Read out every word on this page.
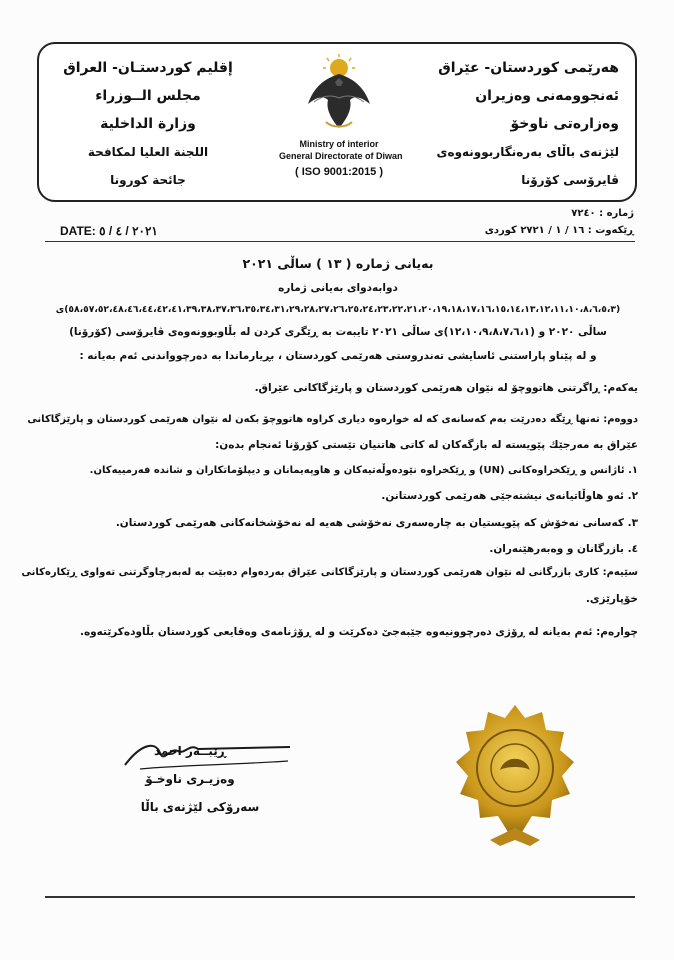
هەرێمی کوردستان- عێراق
ئەنجوومەنی وەزیران
وەزارەتی ناوخۆ
لێژنەی باڵای بەرەنگاربوونەوەی
ڤایرۆسی کۆرۆنا
Ministry of interior
General Directorate of Diwan
( ISO 9001:2015 )
إقليم كوردستـان- العراق
مجلس الــوزراء
وزارة الداخلية
اللجنة العليا لمكافحة
جائحة كورونا
ژمارە : ٧٢٤٠
ڕێکەوت : ١٦ / ١ / ٢٧٢١ کوردی
DATE: ٢٠٢١ / ٤ / ٥
بەیانی ژمارە ( ١٣ ) ساڵی ٢٠٢١
دوابەدوای بەیانی ژمارە
(٥٨،٥٧،٥٢،٤٨،٤٦،٤٤،٤٢،٤١،٣٩،٣٨،٣٧،٣٦،٣٥،٣٤،٣١،٢٩،٢٨،٢٧،٢٦،٢٥،٢٤،٢٣،٢٢،٢١،٢٠،١٩،١٨،١٧،١٦،١٥،١٤،١٣،١٢،١١،١٠،٨،٦،٥،٣)ی
ساڵی ٢٠٢٠ و (١٢،١٠،٩،٨،٧،٦،١)ی ساڵی ٢٠٢١ تایبەت بە ڕێگری کردن لە بڵاوبوونەوەی ڤایرۆسی (کۆرۆنا)
و لە پێناو پاراستنی ئاسایشی تەندروستی هەرێمی کوردستان ، بڕیارماندا بە دەرچوواندنی ئەم بەیانە :
یەکەم: ڕاگرتنی هاتووچۆ لە نێوان هەرێمی کوردستان و پارێزگاکانی عێراق.
دووەم: تەنها ڕێگە دەدرێت بەم کەسانەی کە لە خوارەوە دیاری کراوە هاتووچۆ بکەن لە نێوان هەرێمی کوردستان و پارێزگاکانی
عێراق بە مەرجێك پێویستە لە بازگەکان لە کاتی هاتنیان تێستی کۆرۆنا ئەنجام بدەن:
١. ئاژانس و ڕێکخراوەکانی (UN) و ڕێکخراوە نێودەوڵەتیەکان و هاوپەیمانان و دیپلۆماتکاران و شاندە فەرمییەکان.
٢. ئەو هاوڵاتیانەی نیشتەجێی هەرێمی کوردستانن.
٣. کەسانی نەخۆش کە پێویستیان بە چارەسەری نەخۆشی هەیە لە نەخۆشخانەکانی هەرێمی کوردستان.
٤. بازرگانان و وەبەرهێنەران.
سێیەم: کاری بازرگانی لە نێوان هەرێمی کوردستان و پارێزگاکانی عێراق بەردەوام دەبێت بە لەبەرچاوگرتنی تەواوی ڕێکارەکانی
خۆپارێزی.
چوارەم: ئەم بەیانە لە ڕۆژی دەرچوونیەوە جێبەجێ دەکرێت و لە ڕۆژنامەی وەقایعی کوردستان بڵاودەکرێتەوە.
ڕێبــەر احمد
وەزیـری ناوخـۆ
سەرۆکی لێژنەی باڵا
